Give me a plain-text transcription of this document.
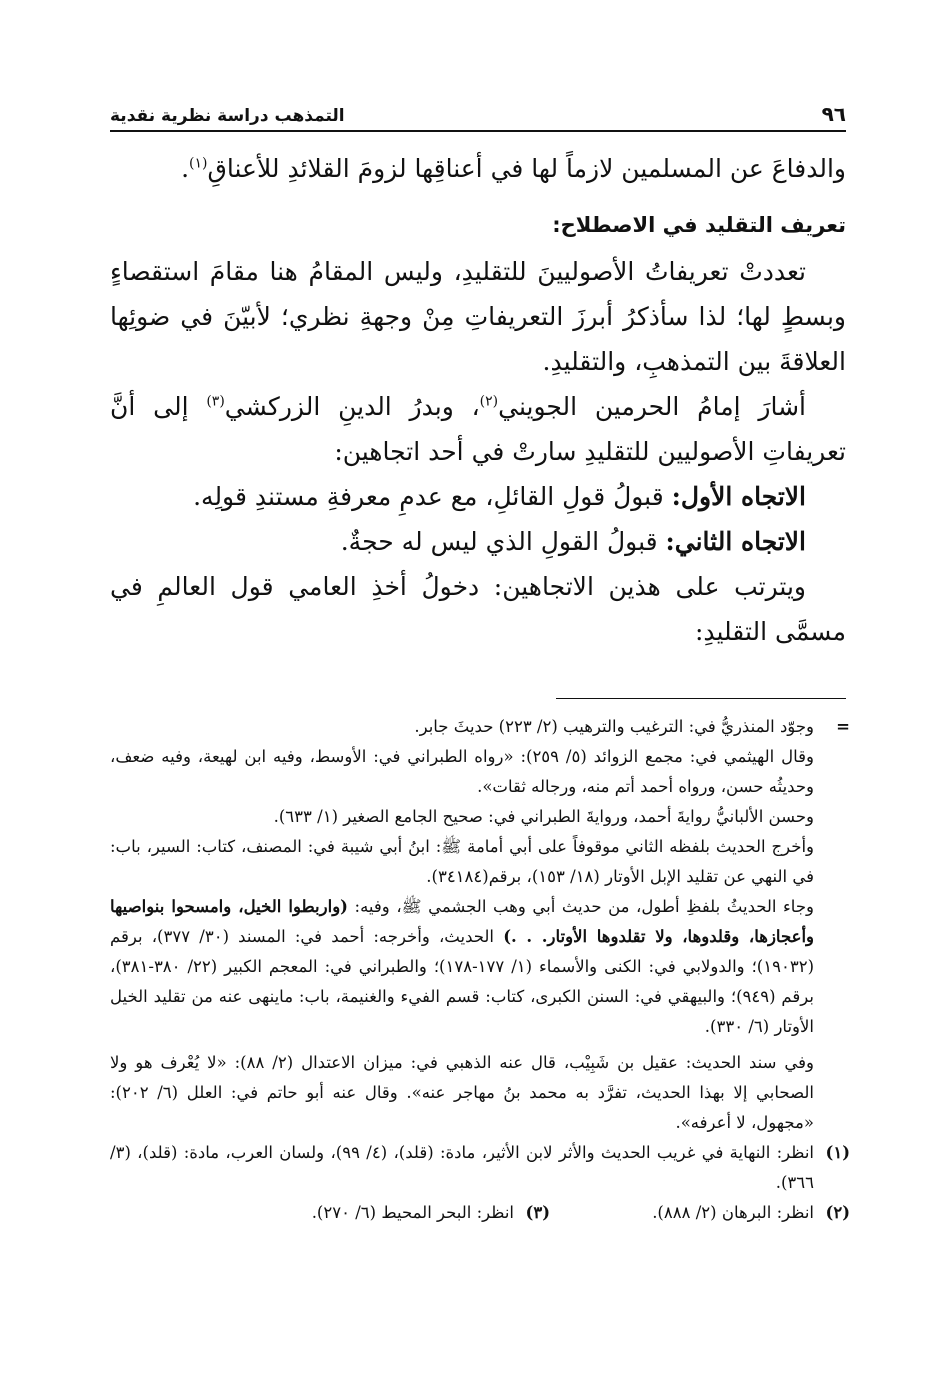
٩٦
التمذهب دراسة نظرية نقدية

والدفاعَ عن المسلمين لازماً لها في أعناقِها لزومَ القلائدِ للأعناقِ$^{(١)}$.

تعريف التقليد في الاصطلاح:

تعددتْ تعريفاتُ الأصوليينَ للتقليدِ، وليس المقامُ هنا مقامَ استقصاءٍ وبسطٍ لها؛ لذا سأذكرُ أبرزَ التعريفاتِ مِنْ وجهةِ نظري؛ لأبيّنَ في ضوئِها العلاقةَ بين التمذهبِ، والتقليدِ.

أشارَ إمامُ الحرمين الجويني$^{(٢)}$، وبدرُ الدينِ الزركشي$^{(٣)}$ إلى أنَّ تعريفاتِ الأصوليين للتقليدِ سارتْ في أحد اتجاهين:

الاتجاه الأول: قبولُ قولِ القائلِ، مع عدمِ معرفةِ مستندِ قولِه.

الاتجاه الثاني: قبولُ القولِ الذي ليس له حجةٌ.

ويترتب على هذين الاتجاهين: دخولُ أخذِ العامي قول العالمِ في مسمَّى التقليدِ:

=

وجوّد المنذريُّ في: الترغيب والترهيب (٢/ ٢٢٣) حديثَ جابر.

وقال الهيثمي في: مجمع الزوائد (٥/ ٢٥٩): «رواه الطبراني في: الأوسط، وفيه ابن لهيعة، وفيه ضعف، وحديثُه حسن، ورواه أحمد أتم منه، ورجاله ثقات».

وحسن الألبانيُّ روايةَ أحمد، وروايةَ الطبراني في: صحيح الجامع الصغير (١/ ٦٣٣).

وأخرج الحديث بلفظه الثاني موقوفاً على أبي أمامة ﷺ: ابنُ أبي شيبة في: المصنف، كتاب: السير، باب: في النهي عن تقليد الإبل الأوتار (١٨/ ١٥٣)، برقم(٣٤١٨٤).

وجاء الحديثُ بلفظِ أطول، من حديث أبي وهب الجشمي ﷺ، وفيه: (واربطوا الخيل، وامسحوا بنواصيها وأعجازها، وقلدوها، ولا تقلدوها الأوتار. . .) الحديث، وأخرجه: أحمد في: المسند (٣٠/ ٣٧٧)، برقم (١٩٠٣٢)؛ والدولابي في: الكنى والأسماء (١/ ١٧٧-١٧٨)؛ والطبراني في: المعجم الكبير (٢٢/ ٣٨٠-٣٨١)، برقم (٩٤٩)؛ والبيهقي في: السنن الكبرى، كتاب: قسم الفيء والغنيمة، باب: ماينهى عنه من تقليد الخيل الأوتار (٦/ ٣٣٠).

وفي سند الحديث: عقيل بن شَبِيْب، قال عنه الذهبي في: ميزان الاعتدال (٢/ ٨٨): «لا يُعْرف هو ولا الصحابي إلا بهذا الحديث، تفرَّد به محمد بنُ مهاجر عنه». وقال عنه أبو حاتم في: العلل (٦/ ٢٠٢): «مجهول، لا أعرفه».

(١)
انظر: النهاية في غريب الحديث والأثر لابن الأثير، مادة: (قلد)، (٤/ ٩٩)، ولسان العرب، مادة: (قلد)، (٣/ ٣٦٦).
(٢)
انظر: البرهان (٢/ ٨٨٨).
(٣)
انظر: البحر المحيط (٦/ ٢٧٠).
